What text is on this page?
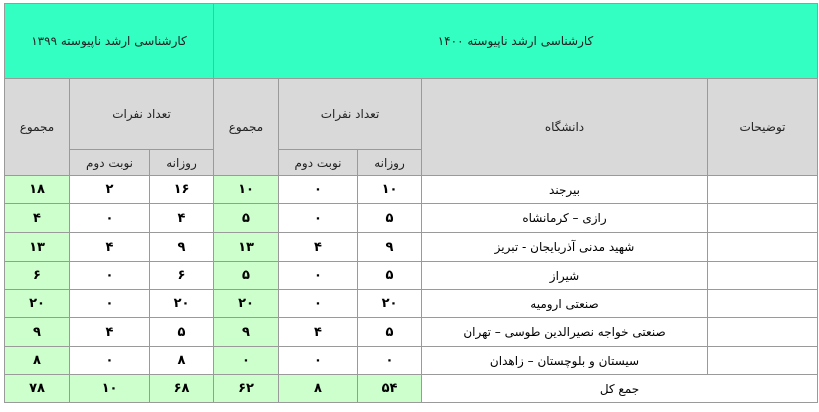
کارشناسی ارشد ناپیوسته ۱۳۹۹			کارشناسی ارشد ناپیوسته ۱۴۰۰				
مجموع	تعداد نفرات		مجموع	تعداد نفرات		دانشگاه	توضیحات
	نوبت دوم	روزانه		نوبت دوم	روزانه		
۱۸	۲	۱۶	۱۰	۰	۱۰	بیرجند	
۴	۰	۴	۵	۰	۵	رازی – کرمانشاه	
۱۳	۴	۹	۱۳	۴	۹	شهید مدنی آذربایجان - تبریز	
۶	۰	۶	۵	۰	۵	شیراز	
۲۰	۰	۲۰	۲۰	۰	۲۰	صنعتی ارومیه	
۹	۴	۵	۹	۴	۵	صنعتی خواجه نصیرالدین طوسی – تهران	
۸	۰	۸	۰	۰	۰	سیستان و بلوچستان – زاهدان	
۷۸	۱۰	۶۸	۶۲	۸	۵۴	جمع کل	
